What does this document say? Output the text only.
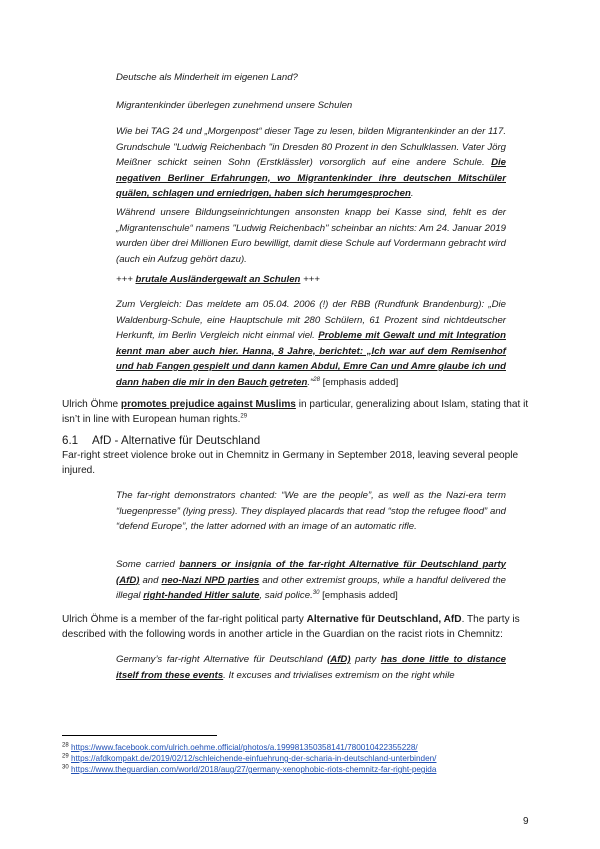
Deutsche als Minderheit im eigenen Land?
Migrantenkinder überlegen zunehmend unsere Schulen
Wie bei TAG 24 und „Morgenpost“ dieser Tage zu lesen, bilden Migrantenkinder an der 117. Grundschule "Ludwig Reichenbach "in Dresden 80 Prozent in den Schulklassen. Vater Jörg Meißner schickt seinen Sohn (Erstklässler) vorsorglich auf eine andere Schule. Die negativen Berliner Erfahrungen, wo Migrantenkinder ihre deutschen Mitschüler quälen, schlagen und erniedrigen, haben sich herumgesprochen.
Während unsere Bildungseinrichtungen ansonsten knapp bei Kasse sind, fehlt es der „Migrantenschule“ namens "Ludwig Reichenbach" scheinbar an nichts: Am 24. Januar 2019 wurden über drei Millionen Euro bewilligt, damit diese Schule auf Vordermann gebracht wird (auch ein Aufzug gehört dazu).
+++ brutale Ausländergewalt an Schulen +++
Zum Vergleich: Das meldete am 05.04. 2006 (!) der RBB (Rundfunk Brandenburg): „Die Waldenburg-Schule, eine Hauptschule mit 280 Schülern, 61 Prozent sind nichtdeutscher Herkunft, im Berlin Vergleich nicht einmal viel. Probleme mit Gewalt und mit Integration kennt man aber auch hier. Hanna, 8 Jahre, berichtet: „Ich war auf dem Remisenhof und hab Fangen gespielt und dann kamen Abdul, Emre Can und Amre glaube ich und dann haben die mir in den Bauch getreten.“$^{28}$ [emphasis added]
Ulrich Öhme promotes prejudice against Muslims in particular, generalizing about Islam, stating that it isn’t in line with European human rights.$^{29}$
6.1 AfD - Alternative für Deutschland
Far-right street violence broke out in Chemnitz in Germany in September 2018, leaving several people injured.
The far-right demonstrators chanted: “We are the people”, as well as the Nazi-era term “luegenpresse” (lying press). They displayed placards that read “stop the refugee flood” and “defend Europe”, the latter adorned with an image of an automatic rifle.
Some carried banners or insignia of the far-right Alternative für Deutschland party (AfD) and neo-Nazi NPD parties and other extremist groups, while a handful delivered the illegal right-handed Hitler salute, said police.$^{30}$ [emphasis added]
Ulrich Öhme is a member of the far-right political party Alternative für Deutschland, AfD. The party is described with the following words in another article in the Guardian on the racist riots in Chemnitz:
Germany’s far-right Alternative für Deutschland (AfD) party has done little to distance itself from these events. It excuses and trivialises extremism on the right while
$^{28}$ https://www.facebook.com/ulrich.oehme.official/photos/a.199981350358141/780010422355228/
$^{29}$ https://afdkompakt.de/2019/02/12/schleichende-einfuehrung-der-scharia-in-deutschland-unterbinden/
$^{30}$ https://www.theguardian.com/world/2018/aug/27/germany-xenophobic-riots-chemnitz-far-right-pegida
9
